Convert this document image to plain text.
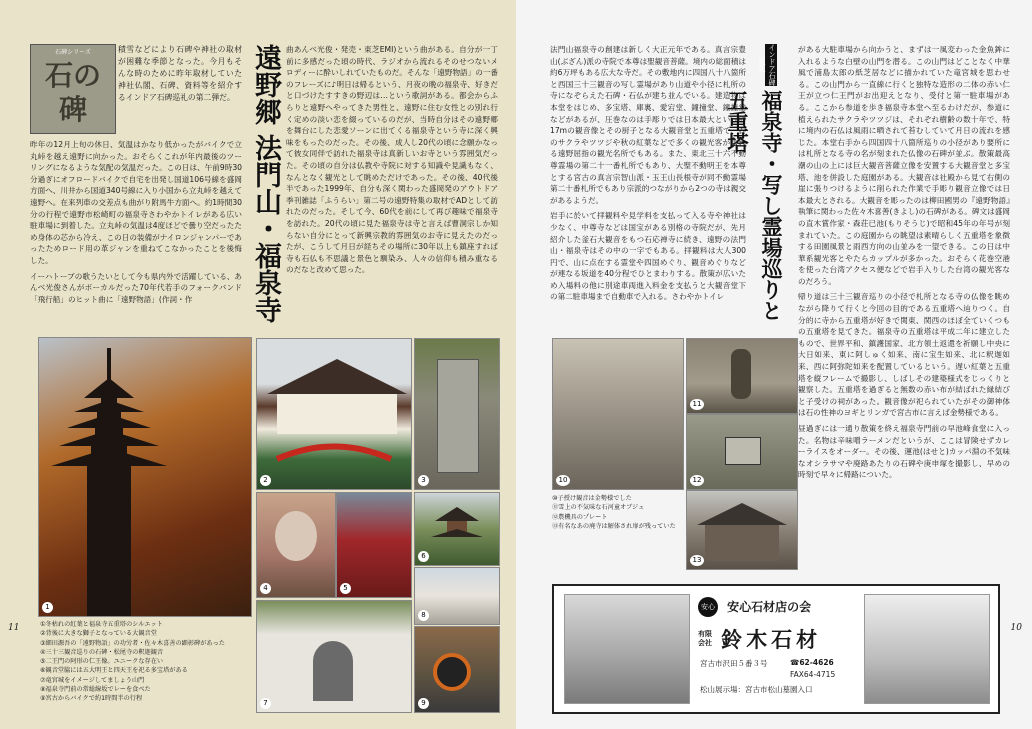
石碑シリーズ
石の碑

積雪などにより石碑や神社の取材が困難な季節となった。今月もそんな時のために昨年取材していた神社仏閣、石碑、資料等を紹介するインドア石碑巡礼の第二弾だ。

昨年の12月上旬の休日、気温はかなり低かったがバイクで立丸峠を越え遠野に向かった。おそらくこれが年内最後のツーリングになるような気配の気温だった。この日は、午前9時30分過ぎにオフロードバイクで自宅を出発し国道106号線を盛岡方面へ、川井から国道340号線に入り小国から立丸峠を越えて遠野へ。在来列車の交差点も曲がり附馬牛方面へ。約1時間30分の行程で遠野市松崎町の福泉寺さわやかトイレがある広い駐車場に到着した。立丸峠の気温は4度ほどで曇り空だったため身体の芯から冷え、この日の装備がナイロンジャンパーであったためロード用の革ジャンを重ねてこなかったことを後悔した。

イーハトーブの歌うたいとして今も県内外で活躍している、あんべ光俊さんがボーカルだった70年代若手のフォークバンド「飛行船」のヒット曲に「遠野物語」(作詞・作	遠野郷 法門山・福泉寺 曲あんべ光俊・発売・東芝EMI)という曲がある。自分が一丁前に多感だった頃の時代、ラジオから流れるそのせつないメロディーに酔いしれていたものだ。そんな「遠野物語」の一番のフレーズに♪明日は帰るという、月夜の晩の福泉寺、好きだと口づけたすすきの野辺は…という歌詞がある。都会からふらりと遠野へやってきた男性と、遠野に住む女性との別れ行く定めの淡い恋を綴っているのだが、当時自分はその遠野郷を舞台にした恋愛ソーンに出てくる福泉寺という寺に深く興味をもったのだった。その後、成人し20代の頃に念願かなって彼女同伴で訪れた福泉寺は真新しいお寺という雰囲気だった。その頃の自分は仏教や寺院に対する知識や見識もなく、なんとなく観光として眺めただけであった。その後、40代後半であった1999年、自分も深く関わった盛岡発のアウトドア季刊雑誌「ふうらい」第二号の遠野特集の取材でADとして訪れたのだった。そして今、60代を前にして再び趣味で福泉寺を訪れた。20代の頃に見た福泉寺は寺と言えば曹洞宗しか知らない自分にとって新興宗教的雰囲気のお寺に見えたのだったが、こうして月日が経ちその場所に30年以上も鎮座すれば寺も石仏も不思議と景色と馴染み、人々の信仰も積み重なるのだなと改めて思った。

1
2	3
4	5
6
8
7	9
11	①冬枯れの紅葉と福泉寺五重塔のシルエット
②背後に大きな獅子となっている大観音堂
③細田源吾の「遠野物語」の功労者・佐々木喜善の顕彰碑があった
④三十三観音巡りの石碑・松尾寺の釈迦観音
⑤二王門の阿形の仁王像。ユニークな存在い
⑥観音堂脇には五大明王と四天王を祀る多宝塔がある
⑦竜宮城をイメージしてましょう山門
⑧福泉寺門前の常総線坂でレーを食べた
⑨宮古からバイクで約1時間半の行程

法門山福泉寺の創建は新しく大正元年である。真言宗豊山(ぶざん)派の寺院で本尊は聖観音菩薩。境内の総面積は約6万坪もある広大な寺だ。その敷地内に四国八十八箇所と西国三十三観音の写し霊場があり山道や小径に札所の寺になぞらえた石碑・石仏が建ち並んでいる。建造物は本堂をはじめ、多宝塔、庫裏、愛宕堂、鐘撞堂、鐘撞堂などがあるが、圧巻なのは手彫りでは日本最大という約17mの観音像とその厨子となる大観音堂と五重塔で、春のサクラやツツジや秋の紅葉などで多くの観光客が訪れる遠野屈指の観光名所でもある。また、東北三十六不動尊霊場の第二十一番札所でもあり、大聖不動明王を本尊とする宮古の真言宗智山派・玉王山長根寺が同不動霊場第二十番札所でもあり宗派的つながりから2つの寺は親交があるようだ。

岩手に於いて拝観料や見学料を支払って入る寺や神社は少なく、中尊寺などは国宝がある別格の寺院だが、先月紹介した釜石大観音をもつ石応禅寺に続き、遠野の法門山・福泉寺はその中の一字でもある。拝観料は大人300円で、山に点在する霊堂や四国めぐり、観音めぐりなどが連なる坂道を40分程でひとまわりする。散策が広いため入場料の他に別途車両進入料金を支払うと大観音堂下の第二駐車場まで自動車で入れる。さわやかトイレ

インドア石碑巡礼
福泉寺・写し霊場巡りと五重塔

がある大駐車場から向かうと、まずは一風変わった金魚鉾に入れるような白壁の山門を潜る。この山門はどことなく中華風で浦島太郎の紙芝居などに描かれていた竜宮城を思わせる。この山門から一直線に行くと独特な造形の二体の赤い仁王が立つ仁王門がお出迎えとなり、受付と第一駐車場がある。ここから参道を歩き福泉寺本堂へ至るわけだが、参道に植えられたサクラやツツジは、それぞれ樹齢の数十年で、特に境内の石仏は風雨に晒されて苔むしていて月日の流れを感じた。本堂右手から四国四十八箇所巡りの小径があり要所には札所となる寺の名が刻まれた仏像の石碑が並ぶ。散策最高潮の山の上には巨大観音菩薩立像を安置する大観音堂と多宝塔、池を併設した庭園がある。大観音は社殿から見て右側の崖に張りつけるように削られた作業で手彫り観音立像では日本最大とされる。大観音を彫ったのは柳田國男の『遠野物語』執筆に関わった佐々木喜善(きよし)の石碑がある。碑文は盛岡の直木賞作家・森荘已池(もりそうじ)で昭和45年の年号が刻まれていた。この庭園からの眺望は素晴らしく五重塔を象徴する田園風景と雨西方向の山並みを一望できる。この日は中華系観光客とやたらカップルが多かった。おそらく花巻空港を使った台湾アクセス便などで岩手入りした台湾の観光客なのだろう。

帰り道は三十三観音巡りの小径で札所となる寺の仏像を眺めながら降りて行くと今回の目的である五重塔へ辿りつく。自分的に寺から五重塔が好きで関東、関西のほぼ全ていくつもの五重塔を見てきた。福泉寺の五重塔は平成二年に建立したもので、世界平和、鎮護国家、北方領土返還を祈願し中央に大日如来、東に阿しゅく如来、南に宝生如来、北に釈迦如来、西に阿弥陀如来を配置しているという。遅い紅葉と五重塔を縦フレームで撮影し、しばしその建築様式をじっくりと観察した。五重塔を過ぎると無数の赤い布が結ばれた縁結びと子受けの祠があった。観音像が祀られていたがその御神体は石の性神のヨギとリンガで宮古市に言えば金勢様である。

昼過ぎには一通り散策を終え福泉寺門前の早池峰食堂に入った。名物は辛味噌ラーメンだというが、ここは冒険せずカレーライスをオーダー。その後、運池(はせと)カッパ淵の不気味なオシラサマや廃路あたりの石碑や庚申塚を撮影し、早めの時刻で早々に帰路についた。

10
11
12
13
⑩子授け観音は金勢様でした
⑪雪上の不気味な石河童オブジェ
⑫農機具のプレート
⑬有名なあの廃寺は解体され扉が残っていた
10
安心 安心石材店の会
有限会社 鈴木石材
宮古市沢田５番３号	☎62-4626
FAX64-4715
松山展示場：宮古市松山墓園入口
